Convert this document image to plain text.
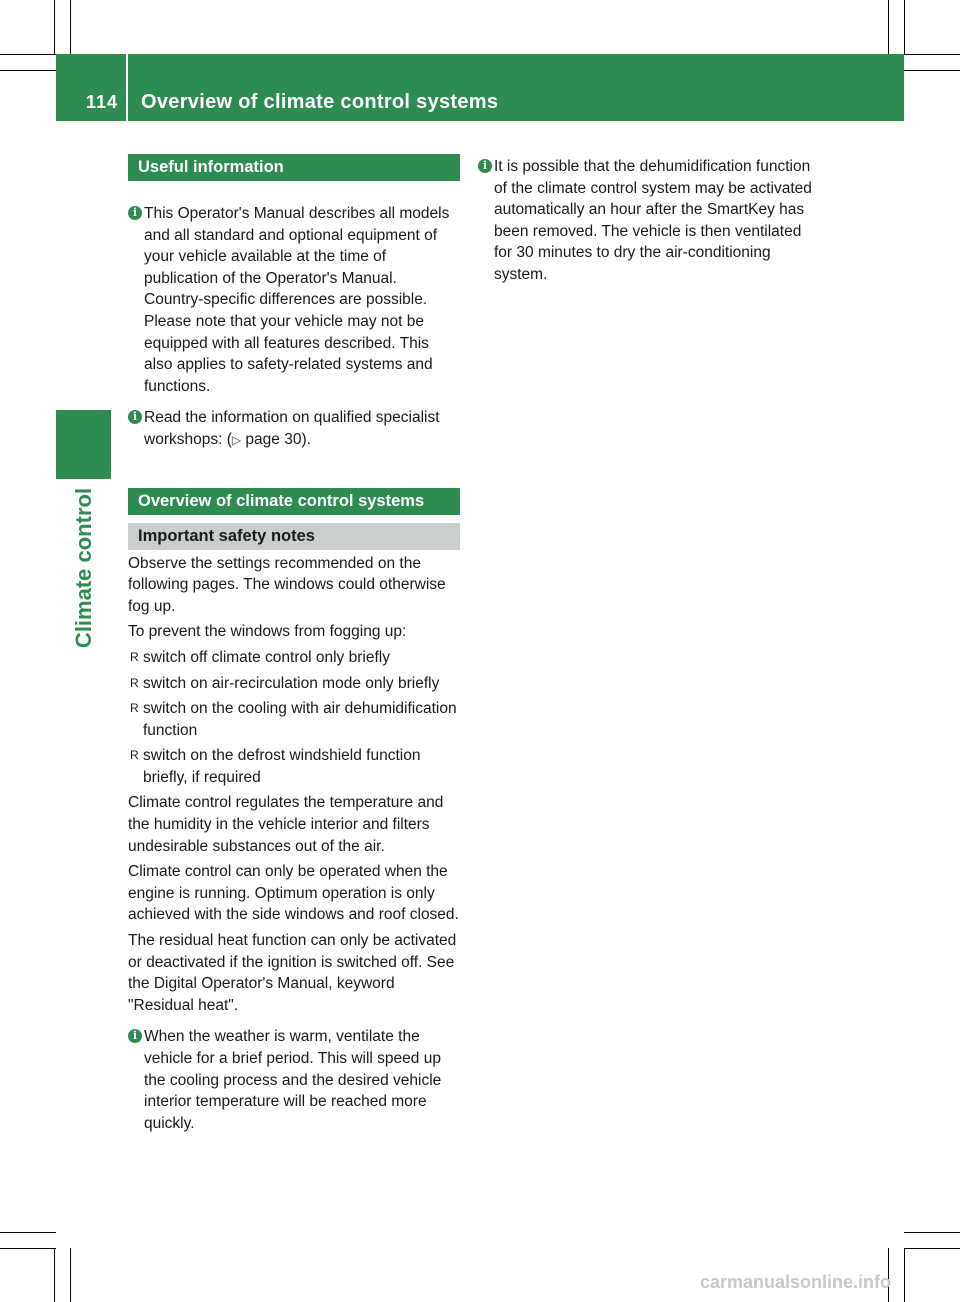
114 Overview of climate control systems
Climate control
Useful information
i This Operator's Manual describes all models and all standard and optional equipment of your vehicle available at the time of publication of the Operator's Manual. Country-specific differences are possible. Please note that your vehicle may not be equipped with all features described. This also applies to safety-related systems and functions.
i Read the information on qualified specialist workshops: (▷ page 30).
Overview of climate control systems
Important safety notes

Observe the settings recommended on the following pages. The windows could otherwise fog up.

To prevent the windows from fogging up:

R switch off climate control only briefly
R switch on air-recirculation mode only briefly
R switch on the cooling with air dehumidification function
R switch on the defrost windshield function briefly, if required

Climate control regulates the temperature and the humidity in the vehicle interior and filters undesirable substances out of the air.

Climate control can only be operated when the engine is running. Optimum operation is only achieved with the side windows and roof closed.

The residual heat function can only be activated or deactivated if the ignition is switched off. See the Digital Operator's Manual, keyword "Residual heat".

i When the weather is warm, ventilate the vehicle for a brief period. This will speed up the cooling process and the desired vehicle interior temperature will be reached more quickly.
i It is possible that the dehumidification function of the climate control system may be activated automatically an hour after the SmartKey has been removed. The vehicle is then ventilated for 30 minutes to dry the air-conditioning system.
carmanualsonline.info
